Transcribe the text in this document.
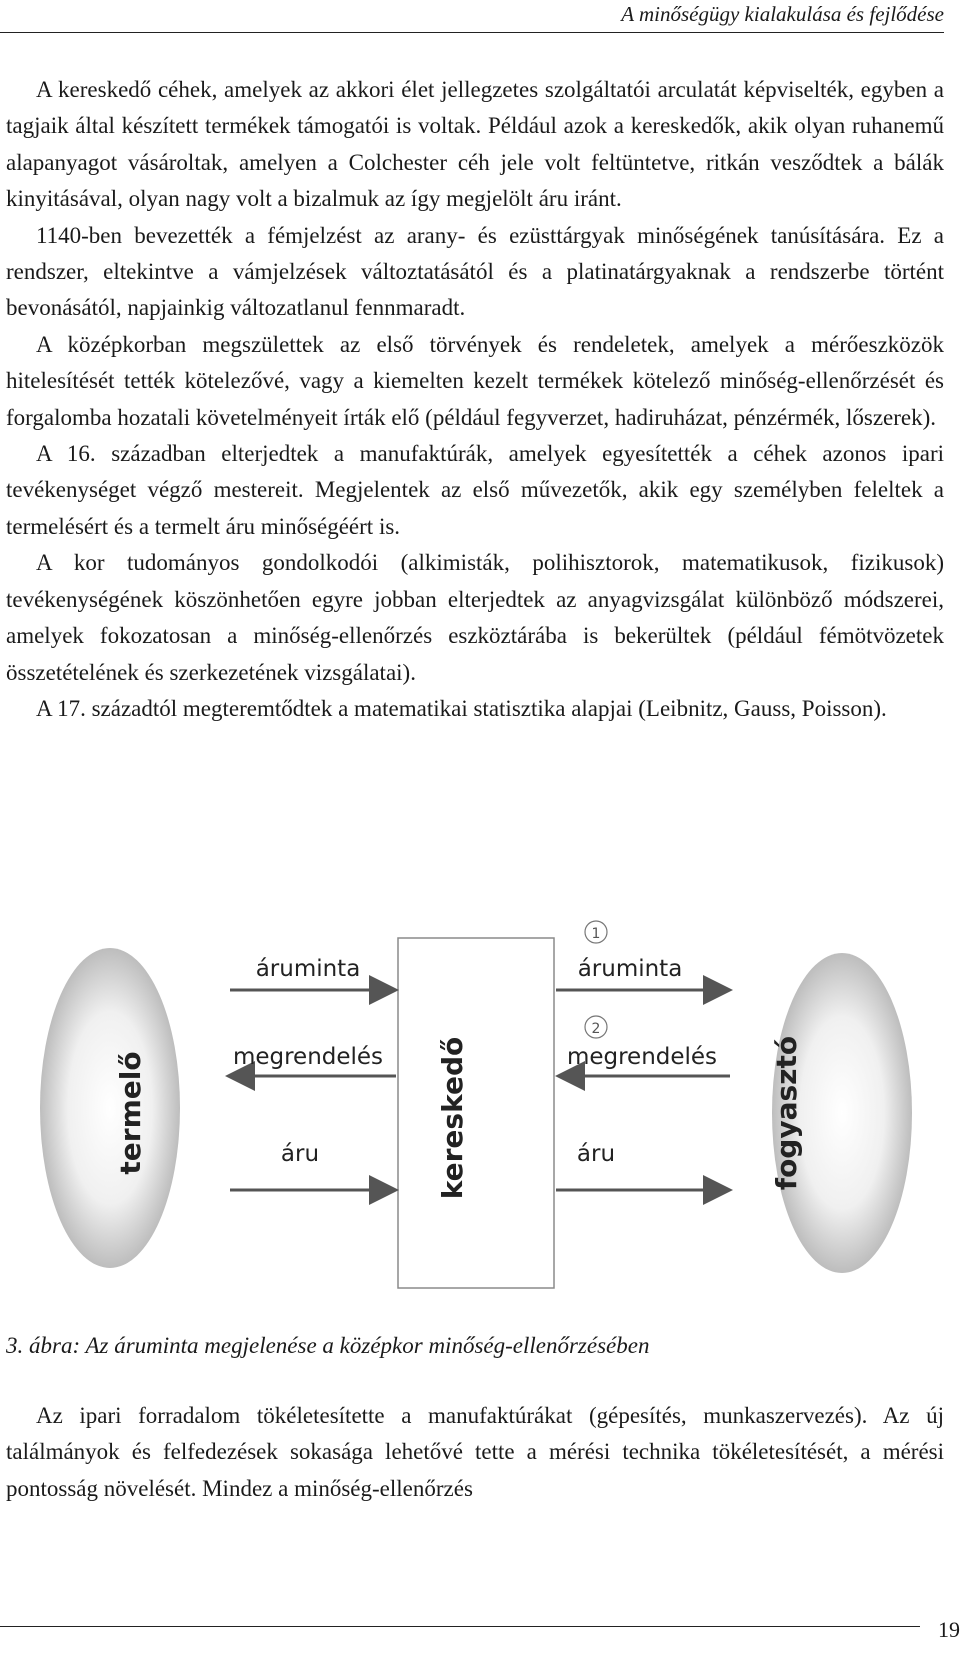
A minőségügy kialakulása és fejlődése

A kereskedő céhek, amelyek az akkori élet jellegzetes szolgáltatói arculatát képviselték, egyben a tagjaik által készített termékek támogatói is voltak. Például azok a kereskedők, akik olyan ruhanemű alapanyagot vásároltak, amelyen a Colchester céh jele volt feltüntetve, ritkán vesződtek a bálák kinyitásával, olyan nagy volt a bizalmuk az így megjelölt áru iránt.

1140-ben bevezették a fémjelzést az arany- és ezüsttárgyak minőségének tanúsítására. Ez a rendszer, eltekintve a vámjelzések változtatásától és a platinatárgyaknak a rendszerbe történt bevonásától, napjainkig változatlanul fennmaradt.

A középkorban megszülettek az első törvények és rendeletek, amelyek a mérőeszközök hitelesítését tették kötelezővé, vagy a kiemelten kezelt termékek kötelező minőség-ellenőrzését és forgalomba hozatali követelményeit írták elő (például fegyverzet, hadiruházat, pénzérmék, lőszerek).

A 16. században elterjedtek a manufaktúrák, amelyek egyesítették a céhek azonos ipari tevékenységet végző mestereit. Megjelentek az első művezetők, akik egy személyben feleltek a termelésért és a termelt áru minőségéért is.

A kor tudományos gondolkodói (alkimisták, polihisztorok, matematikusok, fizikusok) tevékenységének köszönhetően egyre jobban elterjedtek az anyagvizsgálat különböző módszerei, amelyek fokozatosan a minőség-ellenőrzés eszköztárába is bekerültek (például fémötvözetek összetételének és szerkezetének vizsgálatai).

A 17. századtól megteremtődtek a matematikai statisztika alapjai (Leibnitz, Gauss, Poisson).

termelő	kereskedő	fogyasztó
áruminta
megrendelés
áru
1
áruminta
2
megrendelés
áru
3. ábra: Az áruminta megjelenése a középkor minőség-ellenőrzésében

Az ipari forradalom tökéletesítette a manufaktúrákat (gépesítés, munkaszervezés). Az új találmányok és felfedezések sokasága lehetővé tette a mérési technika tökéletesítését, a mérési pontosság növelését. Mindez a minőség-ellenőrzés

19
